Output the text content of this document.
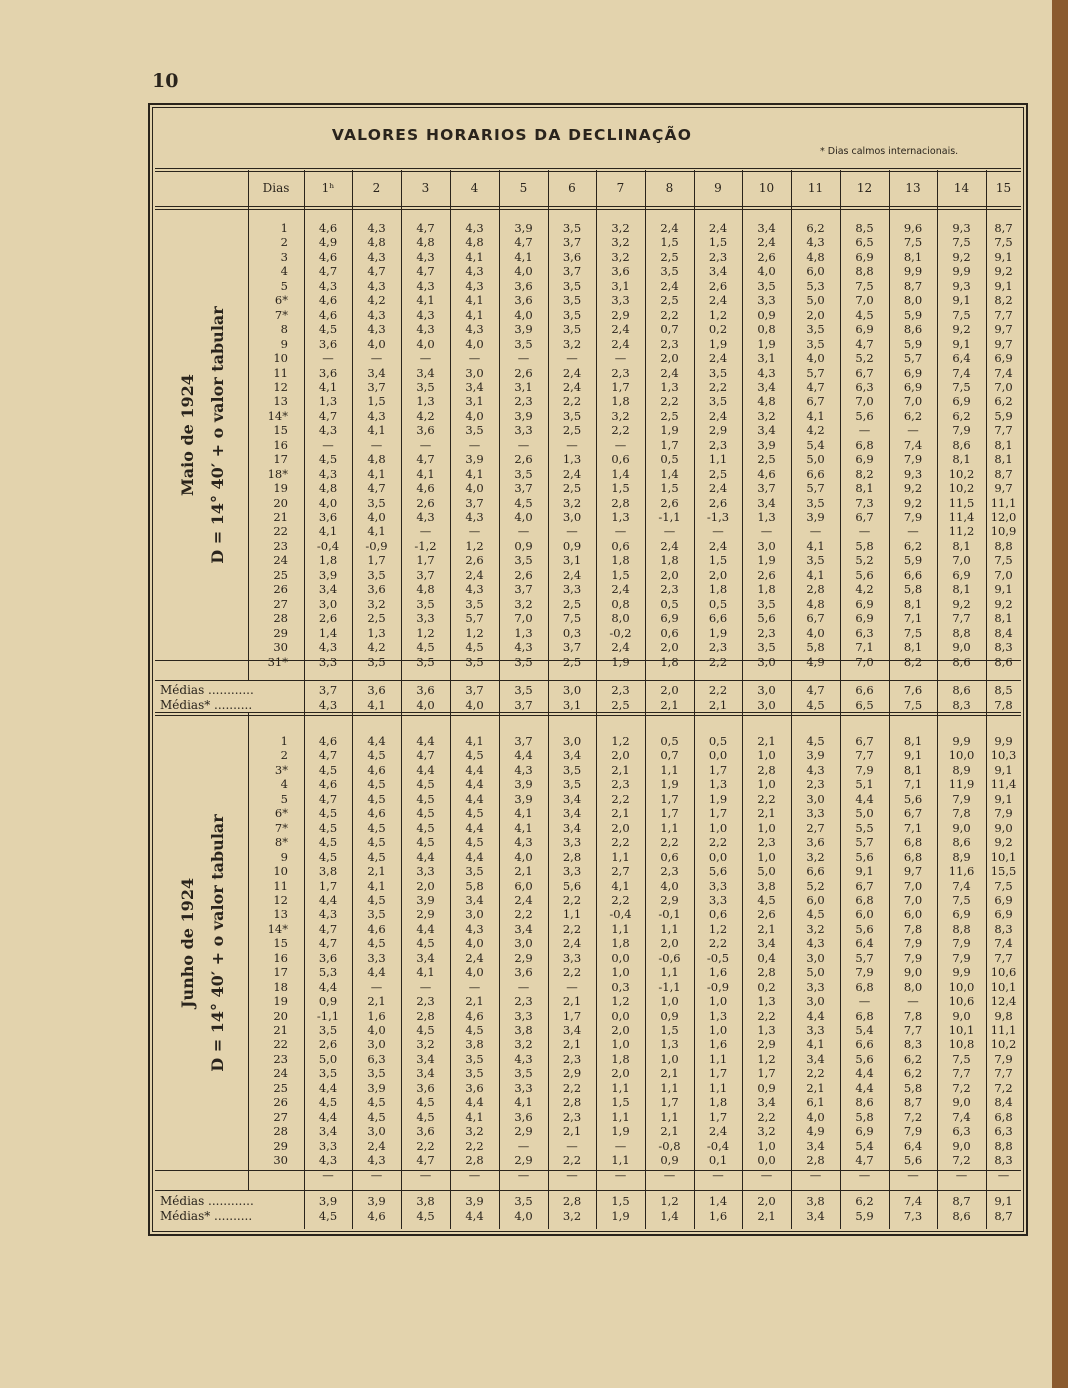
10
VALORES HORARIOS DA DECLINAÇÃO
* Dias calmos internacionais.
Dias	1ʰ	2	3	4	5	6	7	8	9	10	11	12	13	14	15
Maio de 1924 D = 14° 40′ + o valor tabular
1	4,6	4,3	4,7	4,3	3,9	3,5	3,2	2,4	2,4	3,4	6,2	8,5	9,6	9,3	8,7
2	4,9	4,8	4,8	4,8	4,7	3,7	3,2	1,5	1,5	2,4	4,3	6,5	7,5	7,5	7,5
3	4,6	4,3	4,3	4,1	4,1	3,6	3,2	2,5	2,3	2,6	4,8	6,9	8,1	9,2	9,1
4	4,7	4,7	4,7	4,3	4,0	3,7	3,6	3,5	3,4	4,0	6,0	8,8	9,9	9,9	9,2
5	4,3	4,3	4,3	4,3	3,6	3,5	3,1	2,4	2,6	3,5	5,3	7,5	8,7	9,3	9,1
6*	4,6	4,2	4,1	4,1	3,6	3,5	3,3	2,5	2,4	3,3	5,0	7,0	8,0	9,1	8,2
7*	4,6	4,3	4,3	4,1	4,0	3,5	2,9	2,2	1,2	0,9	2,0	4,5	5,9	7,5	7,7
8	4,5	4,3	4,3	4,3	3,9	3,5	2,4	0,7	0,2	0,8	3,5	6,9	8,6	9,2	9,7
9	3,6	4,0	4,0	4,0	3,5	3,2	2,4	2,3	1,9	1,9	3,5	4,7	5,9	9,1	9,7
10	—	—	—	—	—	—	—	2,0	2,4	3,1	4,0	5,2	5,7	6,4	6,9
11	3,6	3,4	3,4	3,0	2,6	2,4	2,3	2,4	3,5	4,3	5,7	6,7	6,9	7,4	7,4
12	4,1	3,7	3,5	3,4	3,1	2,4	1,7	1,3	2,2	3,4	4,7	6,3	6,9	7,5	7,0
13	1,3	1,5	1,3	3,1	2,3	2,2	1,8	2,2	3,5	4,8	6,7	7,0	7,0	6,9	6,2
14*	4,7	4,3	4,2	4,0	3,9	3,5	3,2	2,5	2,4	3,2	4,1	5,6	6,2	6,2	5,9
15	4,3	4,1	3,6	3,5	3,3	2,5	2,2	1,9	2,9	3,4	4,2	—	—	7,9	7,7
16	—	—	—	—	—	—	—	1,7	2,3	3,9	5,4	6,8	7,4	8,6	8,1
17	4,5	4,8	4,7	3,9	2,6	1,3	0,6	0,5	1,1	2,5	5,0	6,9	7,9	8,1	8,1
18*	4,3	4,1	4,1	4,1	3,5	2,4	1,4	1,4	2,5	4,6	6,6	8,2	9,3	10,2	8,7
19	4,8	4,7	4,6	4,0	3,7	2,5	1,5	1,5	2,4	3,7	5,7	8,1	9,2	10,2	9,7
20	4,0	3,5	2,6	3,7	4,5	3,2	2,8	2,6	2,6	3,4	3,5	7,3	9,2	11,5	11,1
21	3,6	4,0	4,3	4,3	4,0	3,0	1,3	-1,1	-1,3	1,3	3,9	6,7	7,9	11,4	12,0
22	4,1	4,1	—	—	—	—	—	—	—	—	—	—	—	11,2	10,9
23	-0,4	-0,9	-1,2	1,2	0,9	0,9	0,6	2,4	2,4	3,0	4,1	5,8	6,2	8,1	8,8
24	1,8	1,7	1,7	2,6	3,5	3,1	1,8	1,8	1,5	1,9	3,5	5,2	5,9	7,0	7,5
25	3,9	3,5	3,7	2,4	2,6	2,4	1,5	2,0	2,0	2,6	4,1	5,6	6,6	6,9	7,0
26	3,4	3,6	4,8	4,3	3,7	3,3	2,4	2,3	1,8	1,8	2,8	4,2	5,8	8,1	9,1
27	3,0	3,2	3,5	3,5	3,2	2,5	0,8	0,5	0,5	3,5	4,8	6,9	8,1	9,2	9,2
28	2,6	2,5	3,3	5,7	7,0	7,5	8,0	6,9	6,6	5,6	6,7	6,9	7,1	7,7	8,1
29	1,4	1,3	1,2	1,2	1,3	0,3	-0,2	0,6	1,9	2,3	4,0	6,3	7,5	8,8	8,4
30	4,3	4,2	4,5	4,5	4,3	3,7	2,4	2,0	2,3	3,5	5,8	7,1	8,1	9,0	8,3
31*	3,3	3,5	3,5	3,5	3,5	2,5	1,9	1,8	2,2	3,0	4,9	7,0	8,2	8,6	8,6
Médias ............	3,7	3,6	3,6	3,7	3,5	3,0	2,3	2,0	2,2	3,0	4,7	6,6	7,6	8,6	8,5
Médias* ..........	4,3	4,1	4,0	4,0	3,7	3,1	2,5	2,1	2,1	3,0	4,5	6,5	7,5	8,3	7,8
Junho de 1924 D = 14° 40′ + o valor tabular
1	4,6	4,4	4,4	4,1	3,7	3,0	1,2	0,5	0,5	2,1	4,5	6,7	8,1	9,9	9,9
2	4,7	4,5	4,7	4,5	4,4	3,4	2,0	0,7	0,0	1,0	3,9	7,7	9,1	10,0	10,3
3*	4,5	4,6	4,4	4,4	4,3	3,5	2,1	1,1	1,7	2,8	4,3	7,9	8,1	8,9	9,1
4	4,6	4,5	4,5	4,4	3,9	3,5	2,3	1,9	1,3	1,0	2,3	5,1	7,1	11,9	11,4
5	4,7	4,5	4,5	4,4	3,9	3,4	2,2	1,7	1,9	2,2	3,0	4,4	5,6	7,9	9,1
6*	4,5	4,6	4,5	4,5	4,1	3,4	2,1	1,7	1,7	2,1	3,3	5,0	6,7	7,8	7,9
7*	4,5	4,5	4,5	4,4	4,1	3,4	2,0	1,1	1,0	1,0	2,7	5,5	7,1	9,0	9,0
8*	4,5	4,5	4,5	4,5	4,3	3,3	2,2	2,2	2,2	2,3	3,6	5,7	6,8	8,6	9,2
9	4,5	4,5	4,4	4,4	4,0	2,8	1,1	0,6	0,0	1,0	3,2	5,6	6,8	8,9	10,1
10	3,8	2,1	3,3	3,5	2,1	3,3	2,7	2,3	5,6	5,0	6,6	9,1	9,7	11,6	15,5
11	1,7	4,1	2,0	5,8	6,0	5,6	4,1	4,0	3,3	3,8	5,2	6,7	7,0	7,4	7,5
12	4,4	4,5	3,9	3,4	2,4	2,2	2,2	2,9	3,3	4,5	6,0	6,8	7,0	7,5	6,9
13	4,3	3,5	2,9	3,0	2,2	1,1	-0,4	-0,1	0,6	2,6	4,5	6,0	6,0	6,9	6,9
14*	4,7	4,6	4,4	4,3	3,4	2,2	1,1	1,1	1,2	2,1	3,2	5,6	7,8	8,8	8,3
15	4,7	4,5	4,5	4,0	3,0	2,4	1,8	2,0	2,2	3,4	4,3	6,4	7,9	7,9	7,4
16	3,6	3,3	3,4	2,4	2,9	3,3	0,0	-0,6	-0,5	0,4	3,0	5,7	7,9	7,9	7,7
17	5,3	4,4	4,1	4,0	3,6	2,2	1,0	1,1	1,6	2,8	5,0	7,9	9,0	9,9	10,6
18	4,4	—	—	—	—	—	0,3	-1,1	-0,9	0,2	3,3	6,8	8,0	10,0	10,1
19	0,9	2,1	2,3	2,1	2,3	2,1	1,2	1,0	1,0	1,3	3,0	—	—	10,6	12,4
20	-1,1	1,6	2,8	4,6	3,3	1,7	0,0	0,9	1,3	2,2	4,4	6,8	7,8	9,0	9,8
21	3,5	4,0	4,5	4,5	3,8	3,4	2,0	1,5	1,0	1,3	3,3	5,4	7,7	10,1	11,1
22	2,6	3,0	3,2	3,8	3,2	2,1	1,0	1,3	1,6	2,9	4,1	6,6	8,3	10,8	10,2
23	5,0	6,3	3,4	3,5	4,3	2,3	1,8	1,0	1,1	1,2	3,4	5,6	6,2	7,5	7,9
24	3,5	3,5	3,4	3,5	3,5	2,9	2,0	2,1	1,7	1,7	2,2	4,4	6,2	7,7	7,7
25	4,4	3,9	3,6	3,6	3,3	2,2	1,1	1,1	1,1	0,9	2,1	4,4	5,8	7,2	7,2
26	4,5	4,5	4,5	4,4	4,1	2,8	1,5	1,7	1,8	3,4	6,1	8,6	8,7	9,0	8,4
27	4,4	4,5	4,5	4,1	3,6	2,3	1,1	1,1	1,7	2,2	4,0	5,8	7,2	7,4	6,8
28	3,4	3,0	3,6	3,2	2,9	2,1	1,9	2,1	2,4	3,2	4,9	6,9	7,9	6,3	6,3
29	3,3	2,4	2,2	2,2	—	—	—	-0,8	-0,4	1,0	3,4	5,4	6,4	9,0	8,8
30	4,3	4,3	4,7	2,8	2,9	2,2	1,1	0,9	0,1	0,0	2,8	4,7	5,6	7,2	8,3
—	—	—	—	—	—	—	—	—	—	—	—	—	—	—
Médias ............	3,9	3,9	3,8	3,9	3,5	2,8	1,5	1,2	1,4	2,0	3,8	6,2	7,4	8,7	9,1
Médias* ..........	4,5	4,6	4,5	4,4	4,0	3,2	1,9	1,4	1,6	2,1	3,4	5,9	7,3	8,6	8,7
